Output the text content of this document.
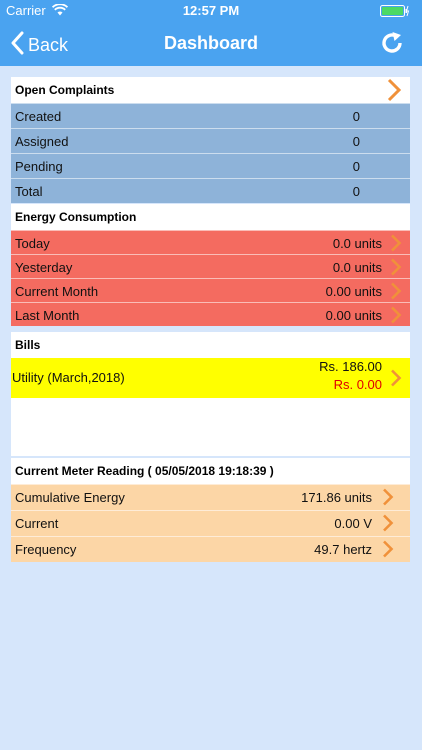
Carrier	12:57 PM
Back	Dashboard
Open Complaints
Created	0
Assigned	0
Pending	0
Total	0
Energy Consumption
Today	0.0 units
Yesterday	0.0 units
Current Month	0.00 units
Last Month	0.00 units
Bills
Utility (March,2018)
Rs. 186.00
Rs. 0.00
Current Meter Reading ( 05/05/2018 19:18:39 )
Cumulative Energy	171.86 units
Current	0.00 V
Frequency	49.7 hertz
